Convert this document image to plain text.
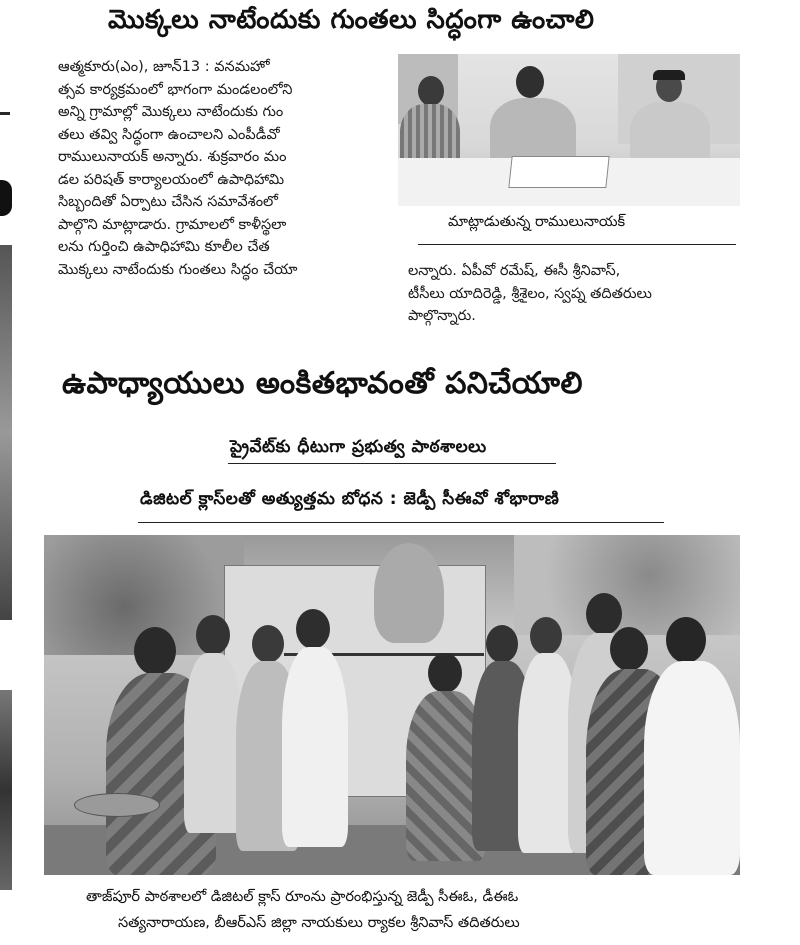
మొక్కలు నాటేందుకు గుంతలు సిద్ధంగా ఉంచాలి
ఆత్మకూరు(ఎం), జూన్13 : వనమహో
త్సవ కార్యక్రమంలో భాగంగా మండలంలోని
అన్ని గ్రామాల్లో మొక్కలు నాటేందుకు గుం
తలు తవ్వి సిద్ధంగా ఉంచాలని ఎంపీడీవో
రాములునాయక్ అన్నారు. శుక్రవారం మం
డల పరిషత్ కార్యాలయంలో ఉపాధిహామి
సిబ్బందితో ఏర్పాటు చేసిన సమావేశంలో
పాల్గొని మాట్లాడారు. గ్రామాలలో కాళీస్థలా
లను గుర్తించి ఉపాధిహామి కూలీల చేత
మొక్కలు నాటేందుకు గుంతలు సిద్ధం చేయా
మాట్లాడుతున్న రాములునాయక్
లన్నారు. ఏపీవో రమేష్, ఈసీ శ్రీనివాస్,
టీసీలు యాదిరెడ్డి, శ్రీశైలం, స్వప్న తదితరులు
పాల్గొన్నారు.
ఉపాధ్యాయులు అంకితభావంతో పనిచేయాలి
ప్రైవేట్‌కు ధీటుగా ప్రభుత్వ పాఠశాలలు
డిజిటల్ క్లాస్‌లతో అత్యుత్తమ బోధన : జెడ్పీ సీఈవో శోభారాణి
తాజ్‌పూర్ పాఠశాలలో డిజిటల్ క్లాస్ రూంను ప్రారంభిస్తున్న జెడ్పీ సీఈఓ, డీఈఓ
సత్యనారాయణ, బీఆర్ఎస్ జిల్లా నాయకులు ర్యాకల శ్రీనివాస్ తదితరులు
